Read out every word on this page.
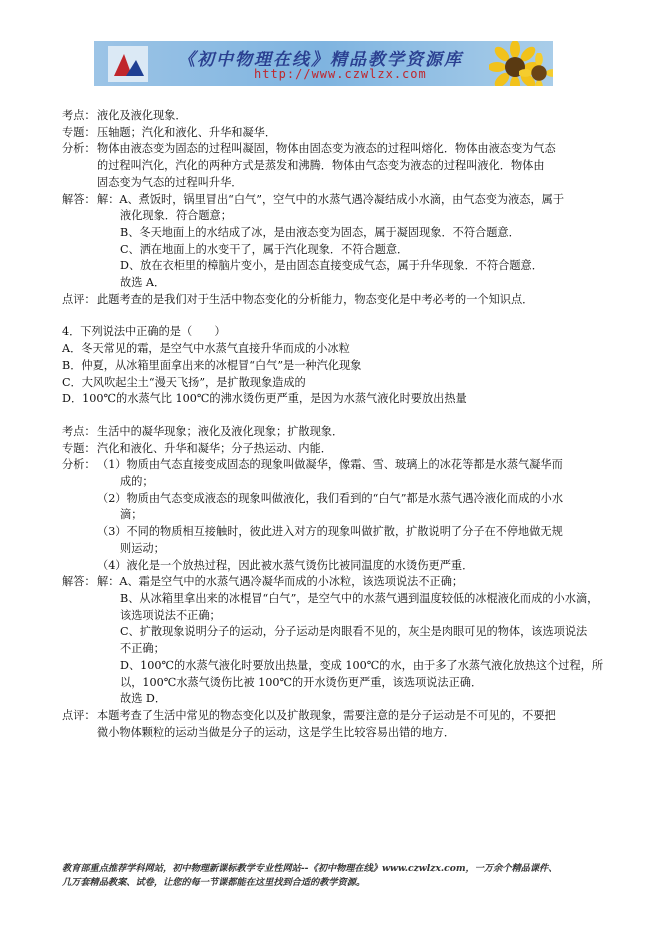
《初中物理在线》精品教学资源库
http://www.czwlzx.com
考点： 液化及液化现象．
专题： 压轴题；汽化和液化、升华和凝华．
分析： 物体由液态变为固态的过程叫凝固，物体由固态变为液态的过程叫熔化．物体由液态变为气态
的过程叫汽化，汽化的两种方式是蒸发和沸腾．物体由气态变为液态的过程叫液化．物体由
固态变为气态的过程叫升华．
解答： 解：A、煮饭时，锅里冒出“白气”，空气中的水蒸气遇冷凝结成小水滴，由气态变为液态，属于
液化现象．符合题意；
B、冬天地面上的水结成了冰，是由液态变为固态，属于凝固现象．不符合题意．
C、洒在地面上的水变干了，属于汽化现象．不符合题意．
D、放在衣柜里的樟脑片变小，是由固态直接变成气态，属于升华现象．不符合题意．
故选 A．
点评： 此题考查的是我们对于生活中物态变化的分析能力，物态变化是中考必考的一个知识点．
4．下列说法中正确的是（　　）
A．冬天常见的霜，是空气中水蒸气直接升华而成的小冰粒
B．仲夏，从冰箱里面拿出来的冰棍冒“白气”是一种汽化现象
C．大风吹起尘土“漫天飞扬”，是扩散现象造成的
D．100℃的水蒸气比 100℃的沸水烫伤更严重，是因为水蒸气液化时要放出热量
考点： 生活中的凝华现象；液化及液化现象；扩散现象．
专题： 汽化和液化、升华和凝华；分子热运动、内能．
分析： （1）物质由气态直接变成固态的现象叫做凝华，像霜、雪、玻璃上的冰花等都是水蒸气凝华而
成的；
（2）物质由气态变成液态的现象叫做液化，我们看到的“白气”都是水蒸气遇冷液化而成的小水
滴；
（3）不同的物质相互接触时，彼此进入对方的现象叫做扩散，扩散说明了分子在不停地做无规
则运动；
（4）液化是一个放热过程，因此被水蒸气烫伤比被同温度的水烫伤更严重．
解答： 解：A、霜是空气中的水蒸气遇冷凝华而成的小冰粒，该选项说法不正确；
B、从冰箱里拿出来的冰棍冒“白气”，是空气中的水蒸气遇到温度较低的冰棍液化而成的小水滴，
该选项说法不正确；
C、扩散现象说明分子的运动，分子运动是肉眼看不见的，灰尘是肉眼可见的物体，该选项说法
不正确；
D、100℃的水蒸气液化时要放出热量，变成 100℃的水，由于多了水蒸气液化放热这个过程，所
以，100℃水蒸气烫伤比被 100℃的开水烫伤更严重，该选项说法正确．
故选 D．
点评： 本题考查了生活中常见的物态变化以及扩散现象，需要注意的是分子运动是不可见的，不要把
微小物体颗粒的运动当做是分子的运动，这是学生比较容易出错的地方．
教育部重点推荐学科网站，初中物理新课标教学专业性网站--《初中物理在线》www.czwlzx.com，一万余个精品课件、
几万套精品教案、试卷，让您的每一节课都能在这里找到合适的教学资源。
